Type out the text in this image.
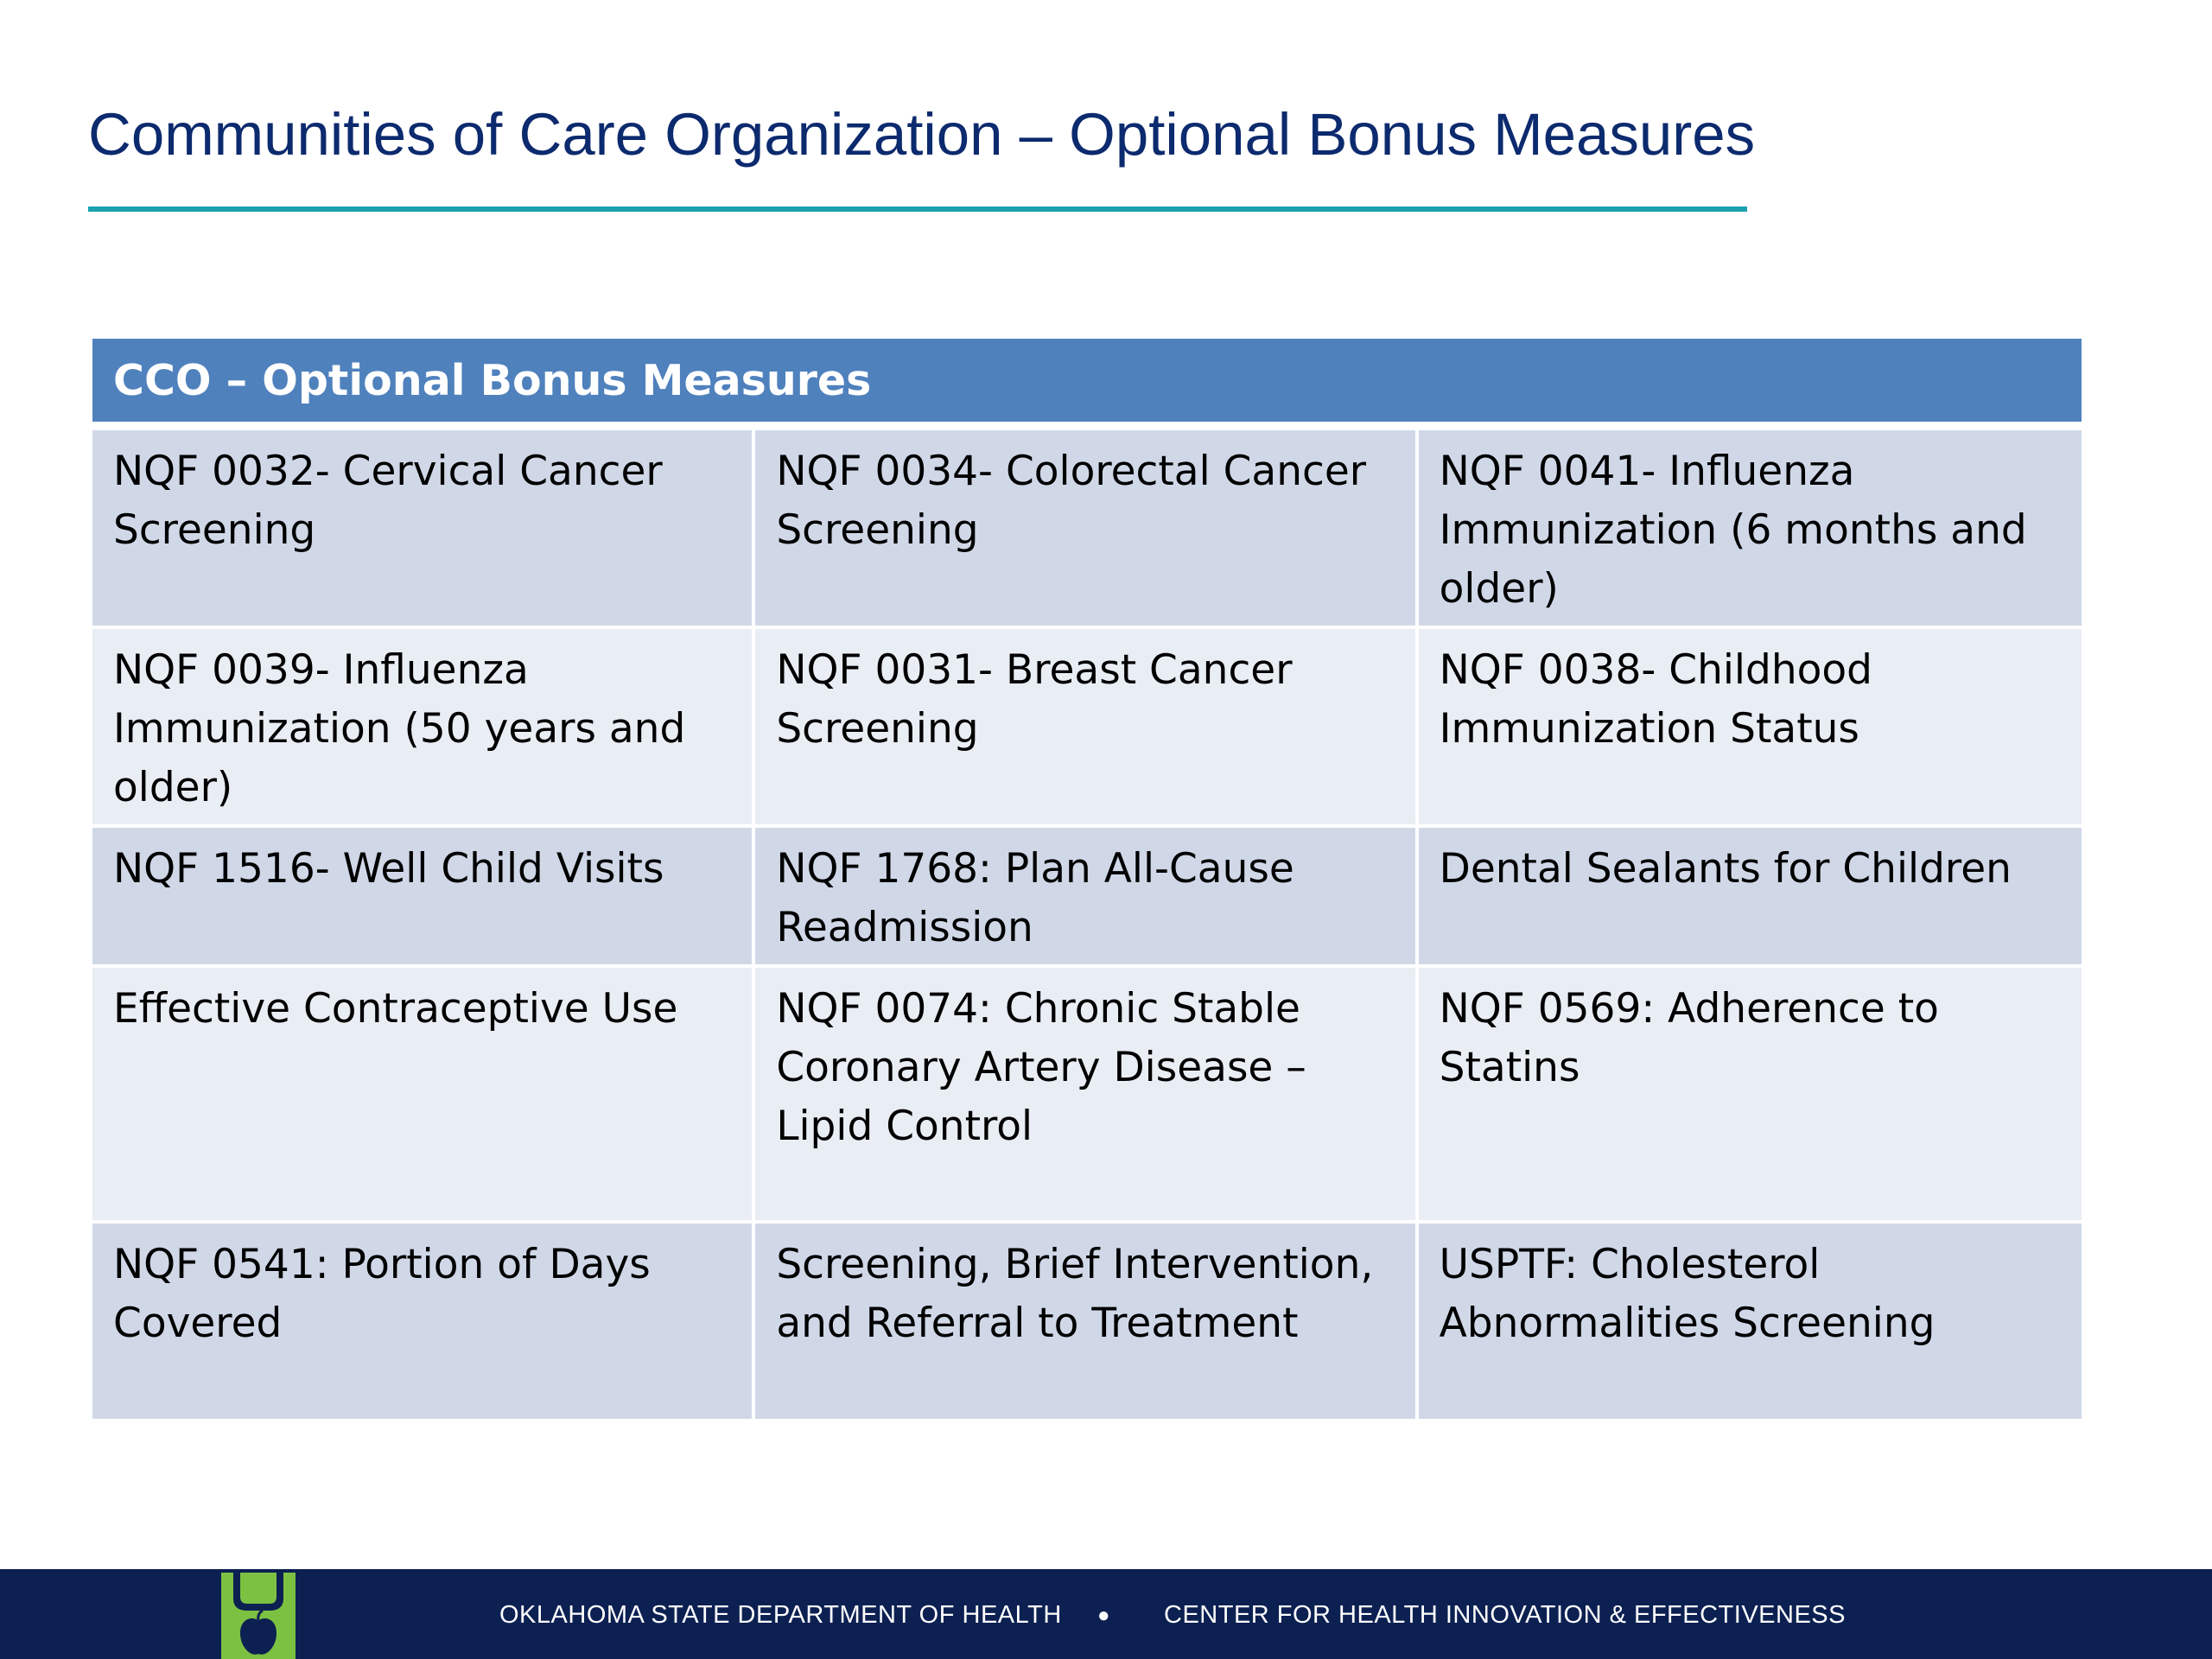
Communities of Care Organization – Optional Bonus Measures
CCO – Optional Bonus Measures		
NQF 0032- Cervical Cancer Screening	NQF 0034- Colorectal Cancer Screening	NQF 0041- Influenza Immunization (6 months and older)
NQF 0039- Influenza Immunization (50 years and older)	NQF 0031- Breast Cancer Screening	NQF 0038- Childhood Immunization Status
NQF 1516- Well Child Visits	NQF 1768: Plan All-Cause Readmission	Dental Sealants for Children
Effective Contraceptive Use	NQF 0074: Chronic Stable Coronary Artery Disease – Lipid Control	NQF 0569: Adherence to Statins
NQF 0541: Portion of Days Covered	Screening, Brief Intervention, and Referral to Treatment	USPTF: Cholesterol Abnormalities Screening
OKLAHOMA STATE DEPARTMENT OF HEALTH ● CENTER FOR HEALTH INNOVATION & EFFECTIVENESS
